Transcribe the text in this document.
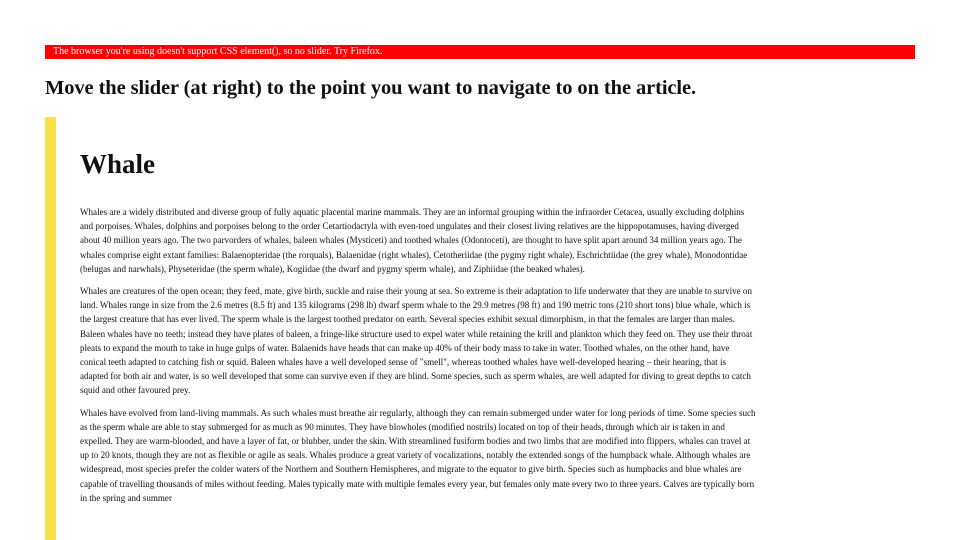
The browser you're using doesn't support CSS element(), so no slider. Try Firefox.
Move the slider (at right) to the point you want to navigate to on the article.
Whale

Whales are a widely distributed and diverse group of fully aquatic placental marine mammals. They are an informal grouping within the infraorder Cetacea, usually excluding dolphins and porpoises. Whales, dolphins and porpoises belong to the order Cetartiodactyla with even-toed ungulates and their closest living relatives are the hippopotamuses, having diverged about 40 million years ago. The two parvorders of whales, baleen whales (Mysticeti) and toothed whales (Odontoceti), are thought to have split apart around 34 million years ago. The whales comprise eight extant families: Balaenopteridae (the rorquals), Balaenidae (right whales), Cetotheriidae (the pygmy right whale), Eschrichtiidae (the grey whale), Monodontidae (belugas and narwhals), Physeteridae (the sperm whale), Kogiidae (the dwarf and pygmy sperm whale), and Ziphiidae (the beaked whales).

Whales are creatures of the open ocean; they feed, mate, give birth, suckle and raise their young at sea. So extreme is their adaptation to life underwater that they are unable to survive on land. Whales range in size from the 2.6 metres (8.5 ft) and 135 kilograms (298 lb) dwarf sperm whale to the 29.9 metres (98 ft) and 190 metric tons (210 short tons) blue whale, which is the largest creature that has ever lived. The sperm whale is the largest toothed predator on earth. Several species exhibit sexual dimorphism, in that the females are larger than males. Baleen whales have no teeth; instead they have plates of baleen, a fringe-like structure used to expel water while retaining the krill and plankton which they feed on. They use their throat pleats to expand the mouth to take in huge gulps of water. Balaenids have heads that can make up 40% of their body mass to take in water. Toothed whales, on the other hand, have conical teeth adapted to catching fish or squid. Baleen whales have a well developed sense of "smell", whereas toothed whales have well-developed hearing – their hearing, that is adapted for both air and water, is so well developed that some can survive even if they are blind. Some species, such as sperm whales, are well adapted for diving to great depths to catch squid and other favoured prey.

Whales have evolved from land-living mammals. As such whales must breathe air regularly, although they can remain submerged under water for long periods of time. Some species such as the sperm whale are able to stay submerged for as much as 90 minutes. They have blowholes (modified nostrils) located on top of their heads, through which air is taken in and expelled. They are warm-blooded, and have a layer of fat, or blubber, under the skin. With streamlined fusiform bodies and two limbs that are modified into flippers, whales can travel at up to 20 knots, though they are not as flexible or agile as seals. Whales produce a great variety of vocalizations, notably the extended songs of the humpback whale. Although whales are widespread, most species prefer the colder waters of the Northern and Southern Hemispheres, and migrate to the equator to give birth. Species such as humpbacks and blue whales are capable of travelling thousands of miles without feeding. Males typically mate with multiple females every year, but females only mate every two to three years. Calves are typically born in the spring and summer
